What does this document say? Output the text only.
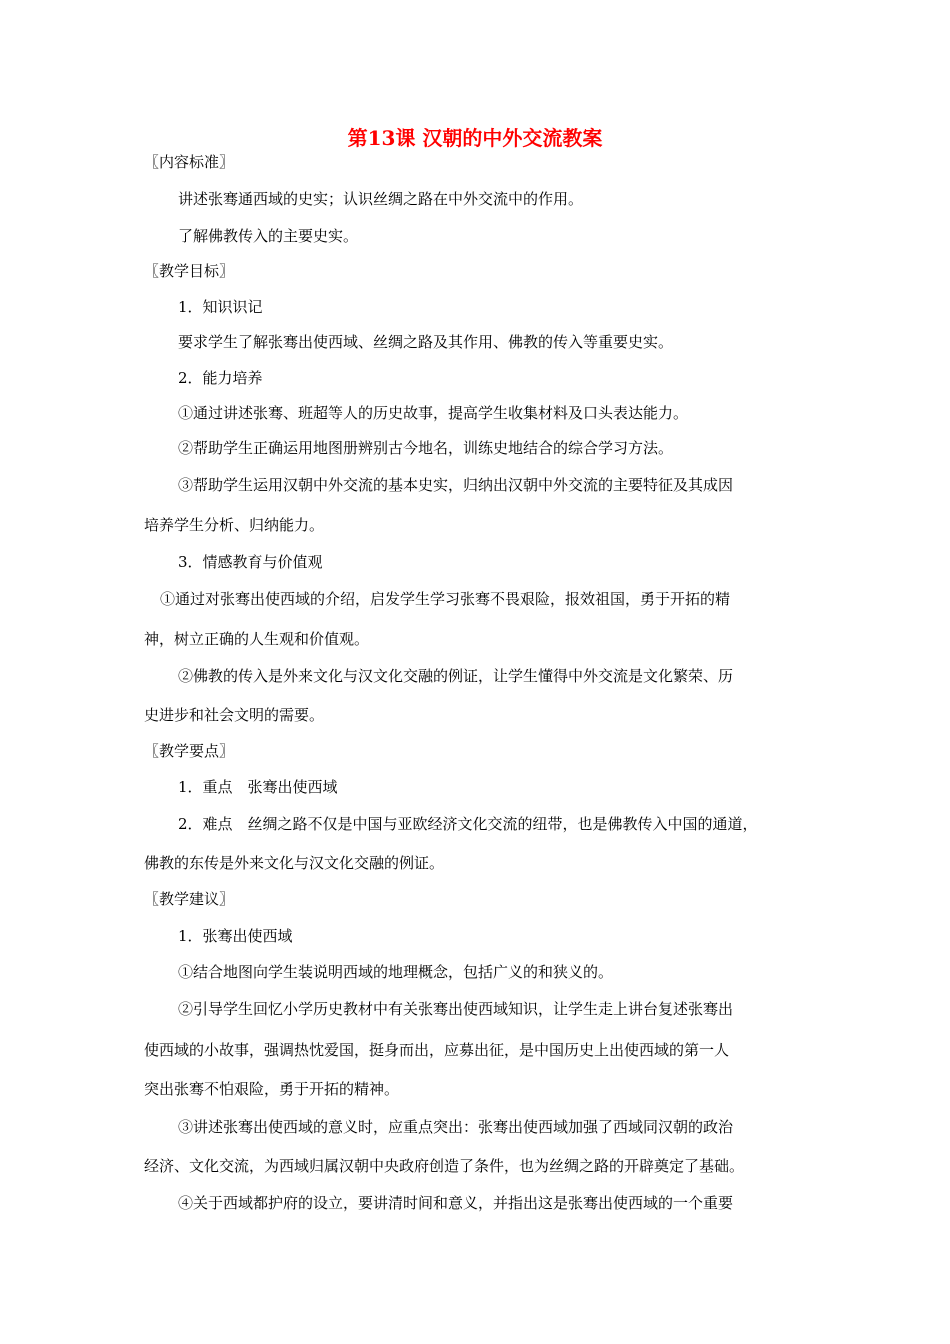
第13课 汉朝的中外交流教案
〖内容标准〗
讲述张骞通西域的史实；认识丝绸之路在中外交流中的作用。
了解佛教传入的主要史实。
〖教学目标〗
1．知识识记
要求学生了解张骞出使西域、丝绸之路及其作用、佛教的传入等重要史实。
2．能力培养
①通过讲述张骞、班超等人的历史故事，提高学生收集材料及口头表达能力。
②帮助学生正确运用地图册辨别古今地名，训练史地结合的综合学习方法。
③帮助学生运用汉朝中外交流的基本史实，归纳出汉朝中外交流的主要特征及其成因
培养学生分析、归纳能力。
3．情感教育与价值观
①通过对张骞出使西域的介绍，启发学生学习张骞不畏艰险，报效祖国，勇于开拓的精
神，树立正确的人生观和价值观。
②佛教的传入是外来文化与汉文化交融的例证，让学生懂得中外交流是文化繁荣、历
史进步和社会文明的需要。
〖教学要点〗
1．重点　张骞出使西域
2．难点　丝绸之路不仅是中国与亚欧经济文化交流的纽带，也是佛教传入中国的通道，
佛教的东传是外来文化与汉文化交融的例证。
〖教学建议〗
1．张骞出使西域
①结合地图向学生装说明西域的地理概念，包括广义的和狭义的。
②引导学生回忆小学历史教材中有关张骞出使西域知识，让学生走上讲台复述张骞出
使西域的小故事，强调热忱爱国，挺身而出，应募出征，是中国历史上出使西域的第一人
突出张骞不怕艰险，勇于开拓的精神。
③讲述张骞出使西域的意义时，应重点突出：张骞出使西域加强了西域同汉朝的政治
经济、文化交流，为西域归属汉朝中央政府创造了条件，也为丝绸之路的开辟奠定了基础。
④关于西域都护府的设立，要讲清时间和意义，并指出这是张骞出使西域的一个重要
